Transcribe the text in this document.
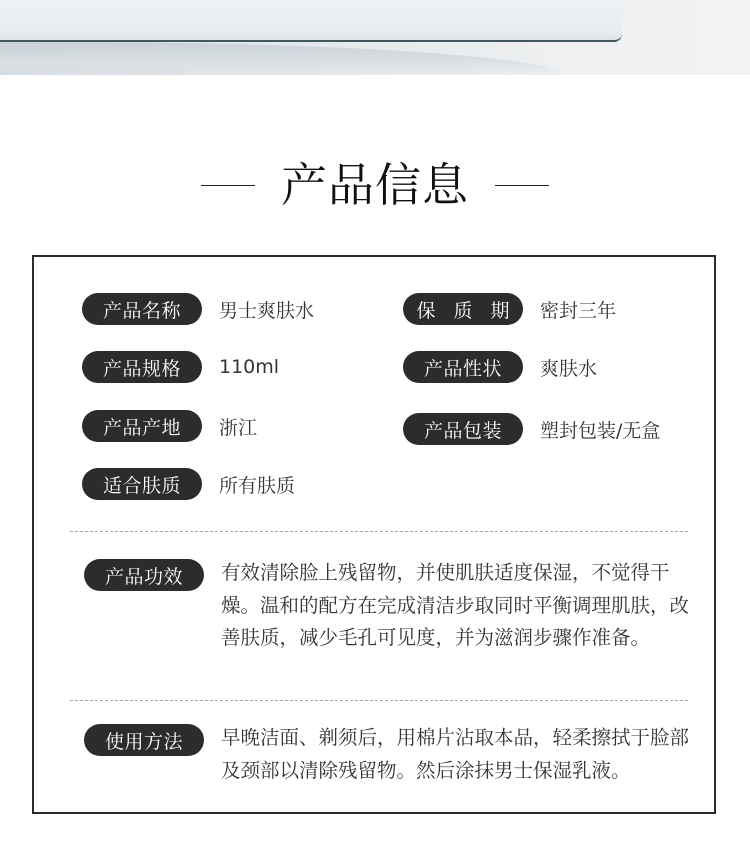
产品信息
产品名称	男士爽肤水
产品规格	110ml
产品产地	浙江
适合肤质	所有肤质
保 质 期	密封三年
产品性状	爽肤水
产品包装	塑封包装/无盒
产品功效	有效清除脸上残留物，并使肌肤适度保湿，不觉得干燥。温和的配方在完成清洁步取同时平衡调理肌肤，改善肤质，减少毛孔可见度，并为滋润步骤作准备。
使用方法	早晚洁面、剃须后，用棉片沾取本品，轻柔擦拭于脸部及颈部以清除残留物。然后涂抹男士保湿乳液。
